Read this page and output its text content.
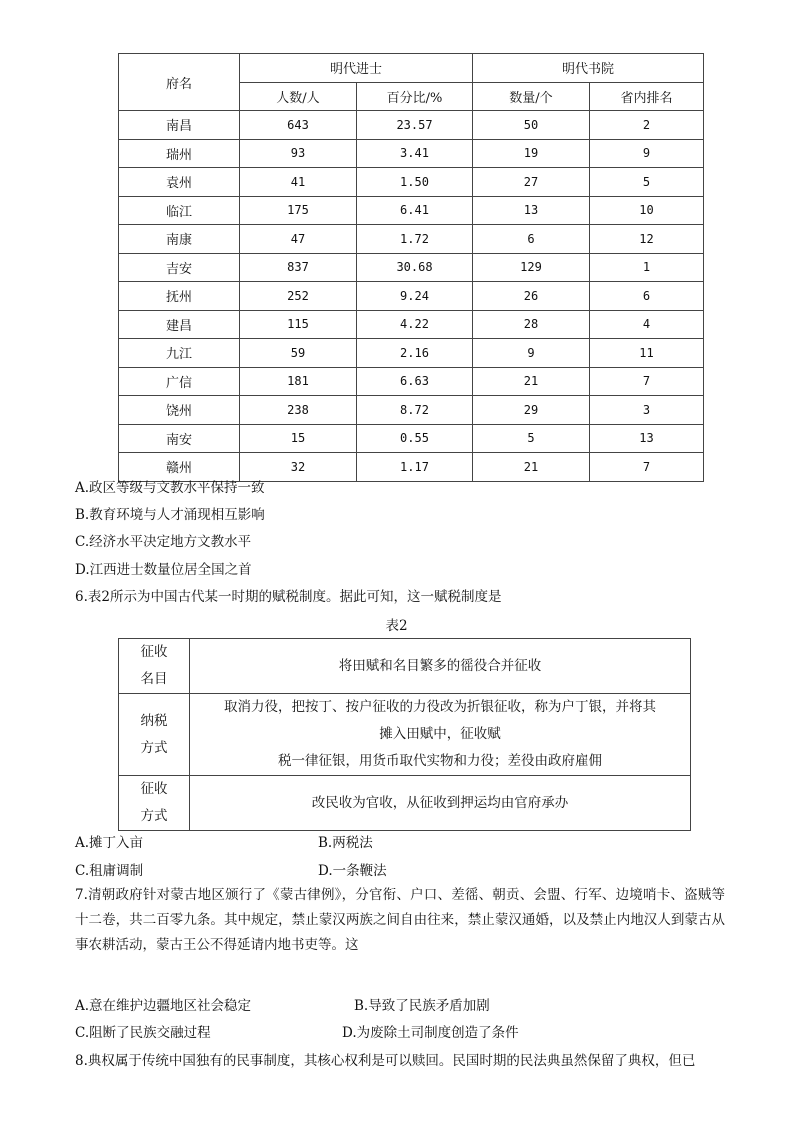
府名	明代进士		明代书院	
	人数/人	百分比/%	数量/个	省内排名
南昌	643	23.57	50	2
瑞州	93	3.41	19	9
袁州	41	1.50	27	5
临江	175	6.41	13	10
南康	47	1.72	6	12
吉安	837	30.68	129	1
抚州	252	9.24	26	6
建昌	115	4.22	28	4
九江	59	2.16	9	11
广信	181	6.63	21	7
饶州	238	8.72	29	3
南安	15	0.55	5	13
赣州	32	1.17	21	7
A.政区等级与文教水平保持一致
B.教育环境与人才涌现相互影响
C.经济水平决定地方文教水平
D.江西进士数量位居全国之首
6.表2所示为中国古代某一时期的赋税制度。据此可知，这一赋税制度是
表2
征收
名目	将田赋和名目繁多的徭役合并征收
纳税
方式	取消力役，把按丁、按户征收的力役改为折银征收，称为户丁银，并将其
摊入田赋中，征收赋
税一律征银，用货币取代实物和力役；差役由政府雇佣
征收
方式	改民收为官收，从征收到押运均由官府承办
A.摊丁入亩	B.两税法
C.租庸调制	D.一条鞭法
7.清朝政府针对蒙古地区颁行了《蒙古律例》，分官衔、户口、差徭、朝贡、会盟、行军、边境哨卡、盗贼等十二卷，共二百零九条。其中规定，禁止蒙汉两族之间自由往来，禁止蒙汉通婚，以及禁止内地汉人到蒙古从事农耕活动，蒙古王公不得延请内地书吏等。这
A.意在维护边疆地区社会稳定	B.导致了民族矛盾加剧
C.阻断了民族交融过程	D.为废除土司制度创造了条件
8.典权属于传统中国独有的民事制度，其核心权利是可以赎回。民国时期的民法典虽然保留了典权，但已
